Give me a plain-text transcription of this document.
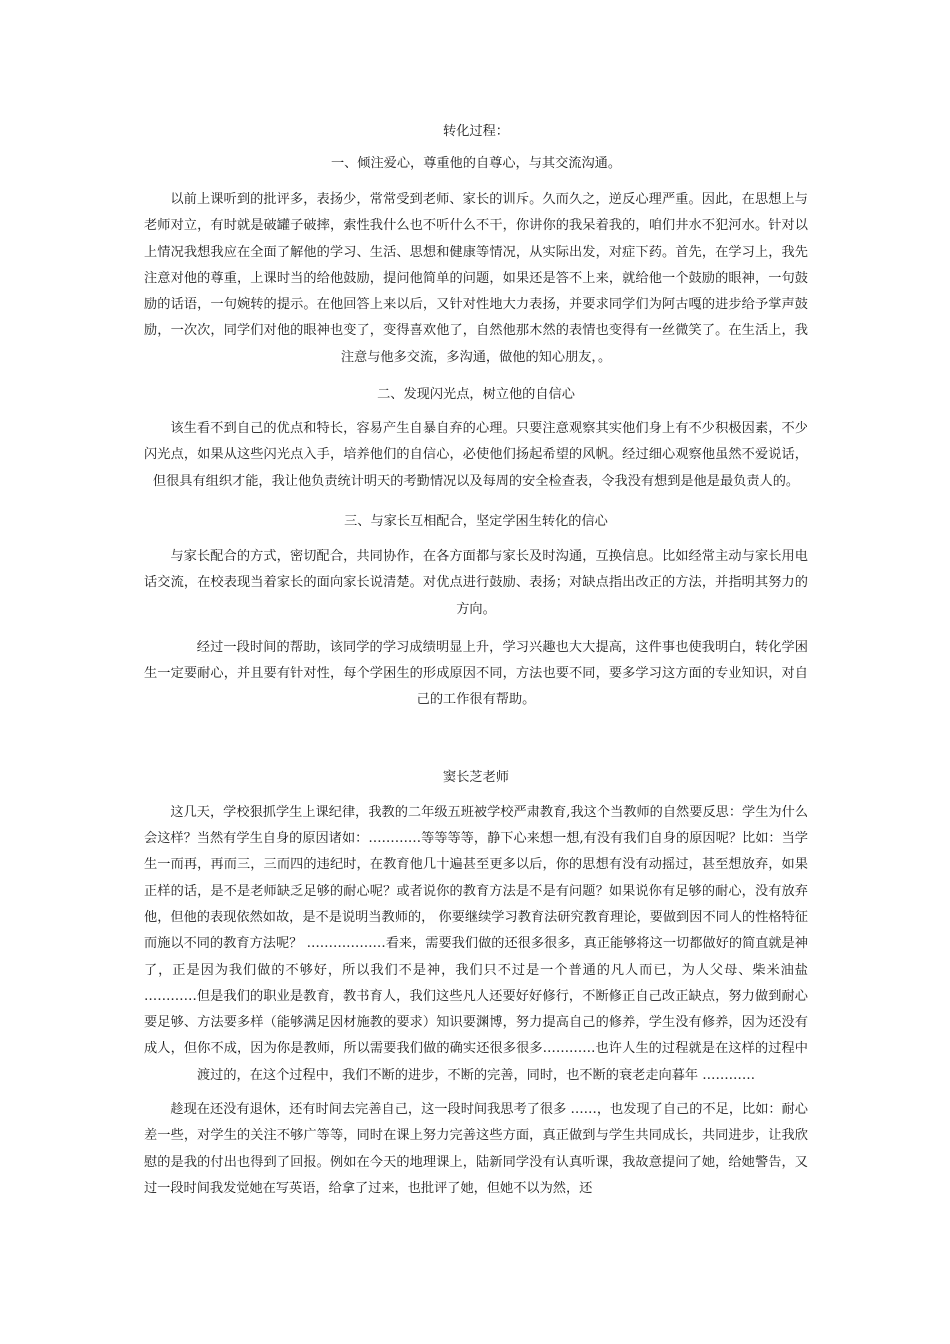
转化过程：

一、倾注爱心，尊重他的自尊心，与其交流沟通。

以前上课听到的批评多，表扬少，常常受到老师、家长的训斥。久而久之，逆反心理严重。因此，在思想上与老师对立，有时就是破罐子破摔，索性我什么也不听什么不干，你讲你的我呆着我的，咱们井水不犯河水。针对以上情况我想我应在全面了解他的学习、生活、思想和健康等情况，从实际出发，对症下药。首先，在学习上，我先注意对他的尊重，上课时当的给他鼓励，提问他简单的问题，如果还是答不上来，就给他一个鼓励的眼神，一句鼓励的话语，一句婉转的提示。在他回答上来以后，又针对性地大力表扬，并要求同学们为阿古嘎的进步给予掌声鼓励，一次次，同学们对他的眼神也变了，变得喜欢他了，自然他那木然的表情也变得有一丝微笑了。在生活上，我注意与他多交流，多沟通，做他的知心朋友，。

二、发现闪光点，树立他的自信心

该生看不到自己的优点和特长，容易产生自暴自弃的心理。只要注意观察其实他们身上有不少积极因素，不少闪光点，如果从这些闪光点入手，培养他们的自信心，必使他们扬起希望的风帆。经过细心观察他虽然不爱说话，但很具有组织才能，我让他负责统计明天的考勤情况以及每周的安全检查表，令我没有想到是他是最负责人的。

三、与家长互相配合，坚定学困生转化的信心

与家长配合的方式，密切配合，共同协作，在各方面都与家长及时沟通，互换信息。比如经常主动与家长用电话交流，在校表现当着家长的面向家长说清楚。对优点进行鼓励、表扬；对缺点指出改正的方法，并指明其努力的方向。

经过一段时间的帮助，该同学的学习成绩明显上升，学习兴趣也大大提高，这件事也使我明白，转化学困生一定要耐心，并且要有针对性，每个学困生的形成原因不同，方法也要不同，要多学习这方面的专业知识，对自己的工作很有帮助。

窦长芝老师

这几天，学校狠抓学生上课纪律，我教的二年级五班被学校严肃教育,我这个当教师的自然要反思：学生为什么会这样？当然有学生自身的原因诸如：…………等等等等，静下心来想一想,有没有我们自身的原因呢？比如：当学生一而再，再而三，三而四的违纪时，在教育他几十遍甚至更多以后，你的思想有没有动摇过，甚至想放弃，如果正样的话，是不是老师缺乏足够的耐心呢？或者说你的教育方法是不是有问题？如果说你有足够的耐心，没有放弃他，但他的表现依然如故，是不是说明当教师的， 你要继续学习教育法研究教育理论，要做到因不同人的性格特征而施以不同的教育方法呢？ ………………看来，需要我们做的还很多很多，真正能够将这一切都做好的简直就是神了，正是因为我们做的不够好，所以我们不是神，我们只不过是一个普通的凡人而已，为人父母、柴米油盐 …………但是我们的职业是教育，教书育人，我们这些凡人还要好好修行，不断修正自己改正缺点，努力做到耐心要足够、方法要多样（能够满足因材施教的要求）知识要渊博，努力提高自己的修养，学生没有修养，因为还没有成人，但你不成，因为你是教师，所以需要我们做的确实还很多很多…………也许人生的过程就是在这样的过程中渡过的，在这个过程中，我们不断的进步，不断的完善，同时，也不断的衰老走向暮年 …………

趁现在还没有退休，还有时间去完善自己，这一段时间我思考了很多 ……，也发现了自己的不足，比如：耐心差一些，对学生的关注不够广等等，同时在课上努力完善这些方面，真正做到与学生共同成长，共同进步，让我欣慰的是我的付出也得到了回报。例如在今天的地理课上，陆新同学没有认真听课，我故意提问了她，给她警告，又过一段时间我发觉她在写英语，给拿了过来，也批评了她，但她不以为然，还
